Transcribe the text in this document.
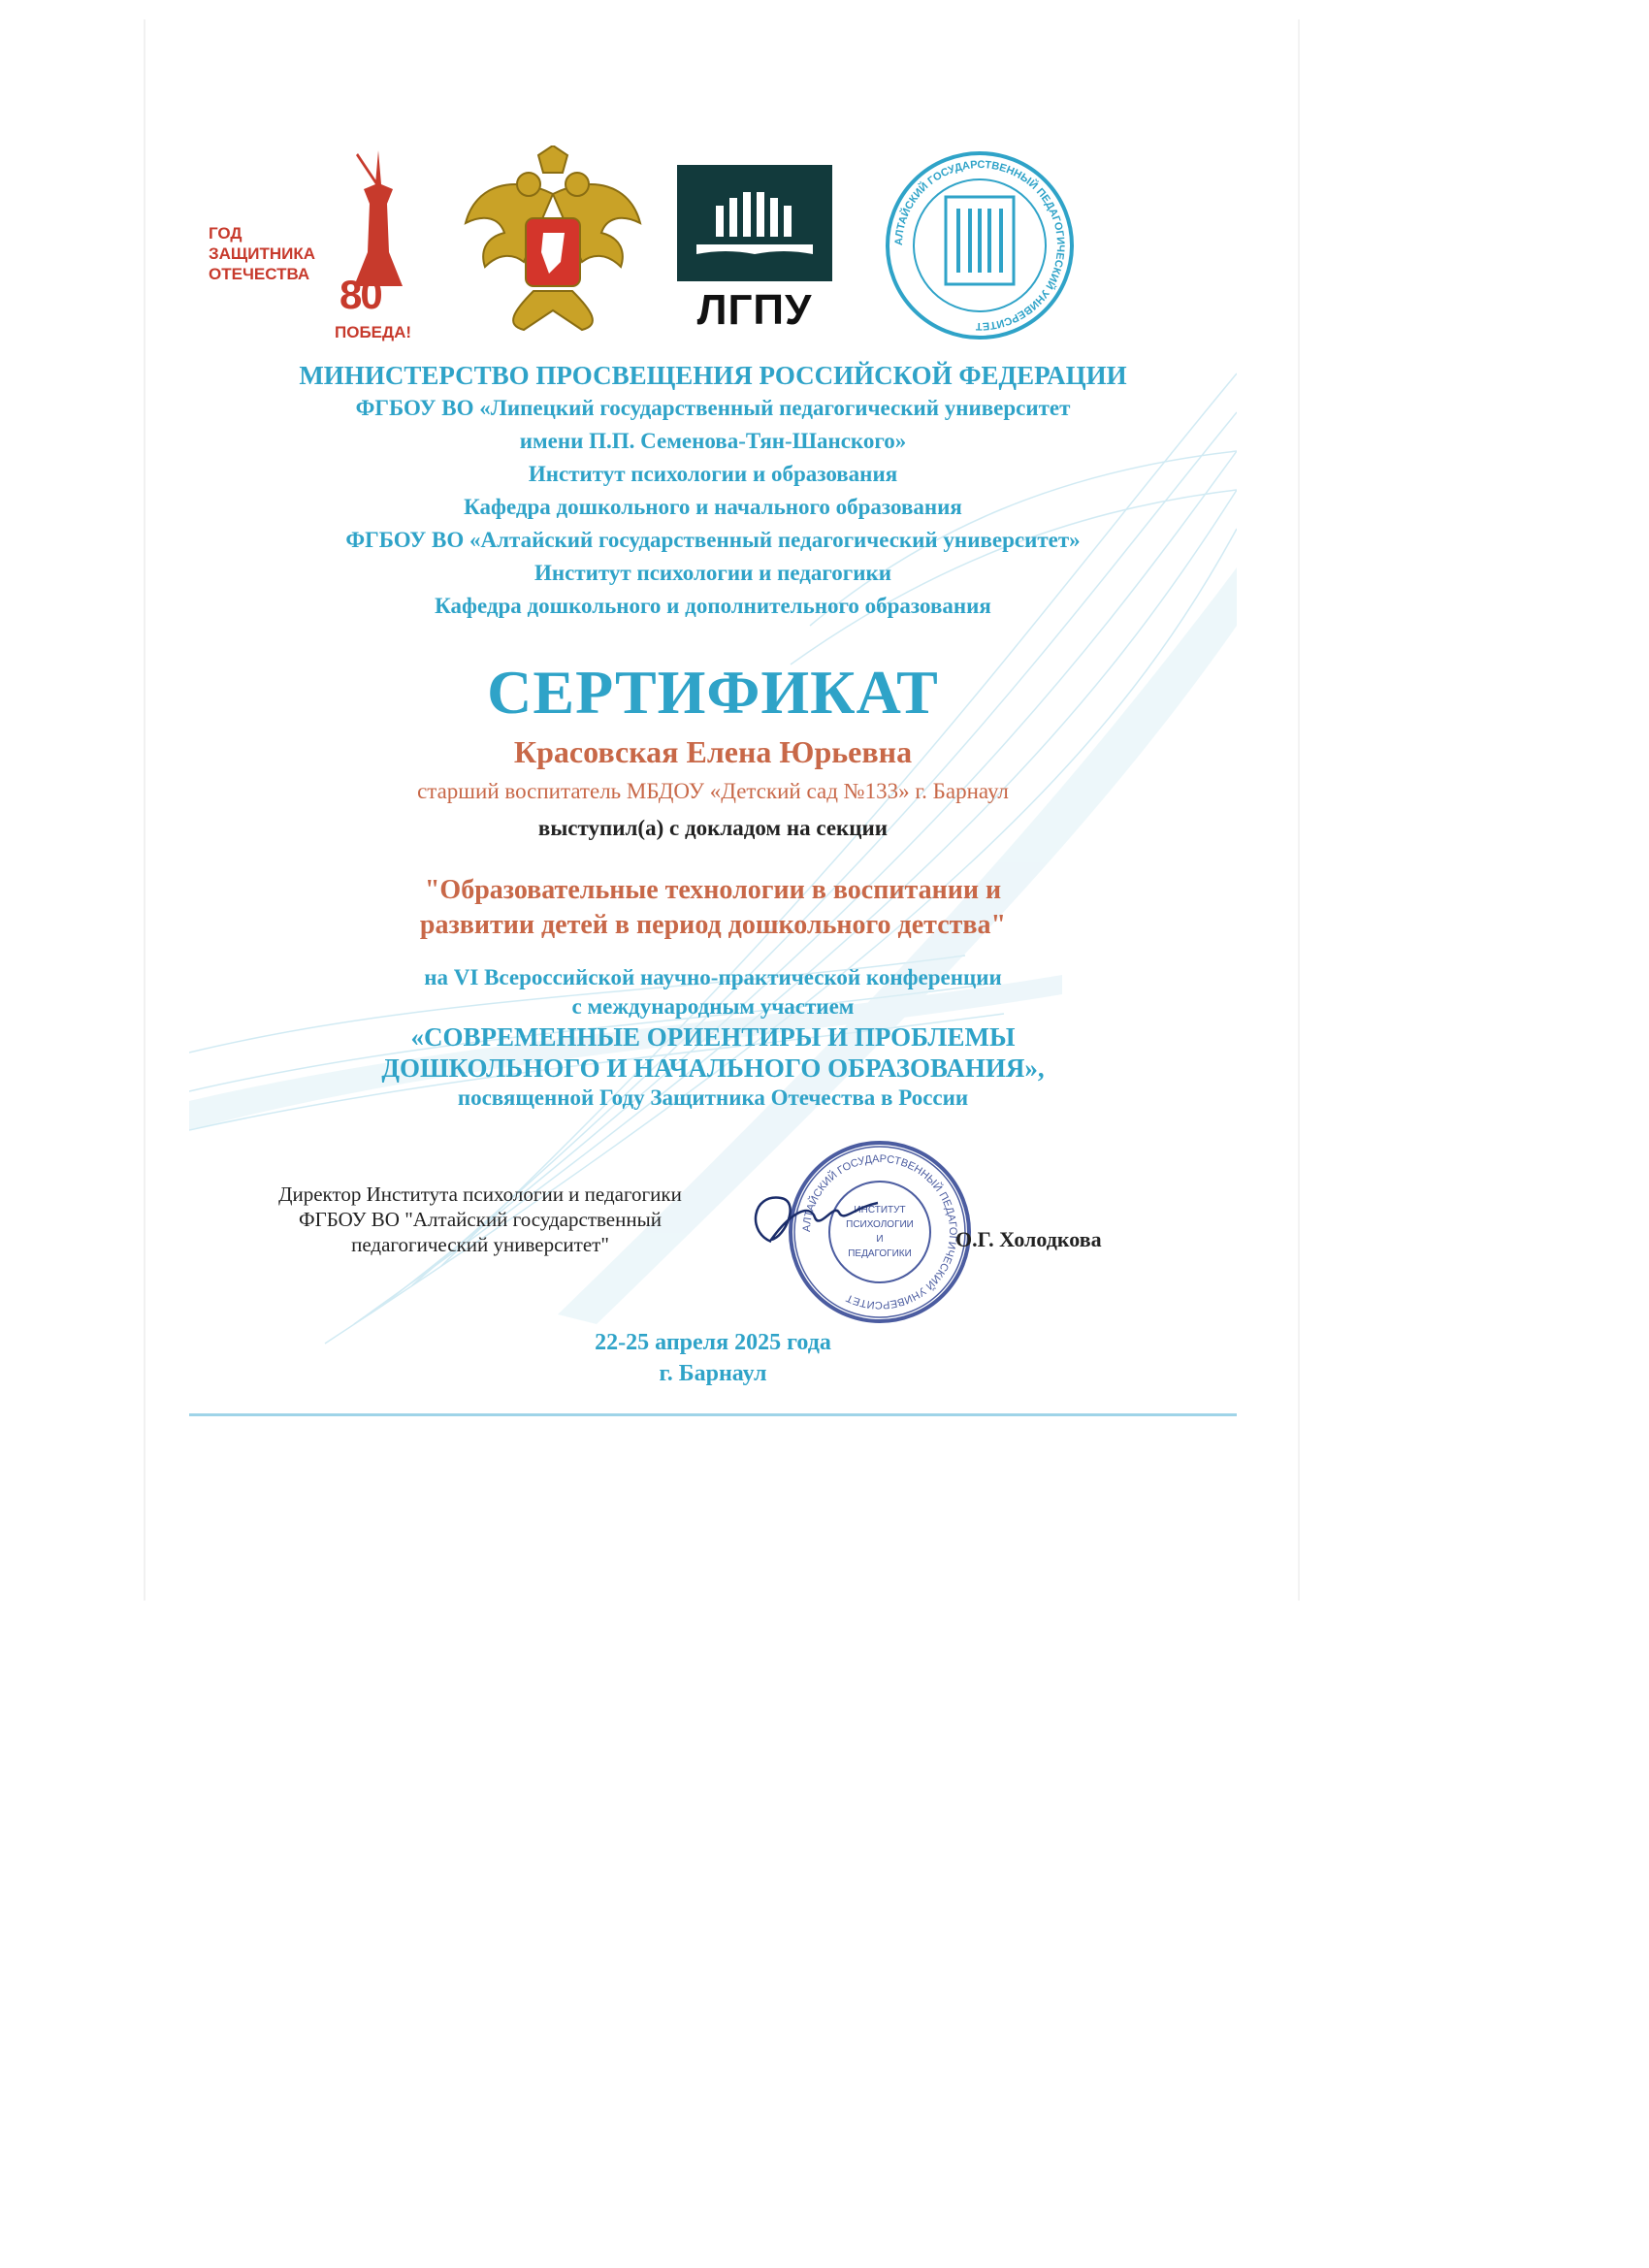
ГОД
ЗАЩИТНИКА
ОТЕЧЕСТВА 80
ПОБЕДА!	ЛГПУ
АЛТАЙСКИЙ ГОСУДАРСТВЕННЫЙ ПЕДАГОГИЧЕСКИЙ УНИВЕРСИТЕТ
МИНИСТЕРСТВО ПРОСВЕЩЕНИЯ РОССИЙСКОЙ ФЕДЕРАЦИИ
ФГБОУ ВО «Липецкий государственный педагогический университет
имени П.П. Семенова-Тян-Шанского»
Институт психологии и образования
Кафедра дошкольного и начального образования
ФГБОУ ВО «Алтайский государственный педагогический университет»
Институт психологии и педагогики
Кафедра дошкольного и дополнительного образования
СЕРТИФИКАТ
Красовская Елена Юрьевна
старший воспитатель МБДОУ «Детский сад №133» г. Барнаул
выступил(а) с докладом на секции
"Образовательные технологии в воспитании и
развитии детей в период дошкольного детства"
на VI Всероссийской научно-практической конференции
с международным участием
«СОВРЕМЕННЫЕ ОРИЕНТИРЫ И ПРОБЛЕМЫ
ДОШКОЛЬНОГО И НАЧАЛЬНОГО ОБРАЗОВАНИЯ»,
посвященной Году Защитника Отечества в России
Директор Института психологии и педагогики
ФГБОУ ВО "Алтайский государственный
педагогический университет"
АЛТАЙСКИЙ ГОСУДАРСТВЕННЫЙ ПЕДАГОГИЧЕСКИЙ УНИВЕРСИТЕТ
ИНСТИТУТ
ПСИХОЛОГИИ
И
ПЕДАГОГИКИ
О.Г. Холодкова
22-25 апреля 2025 года
г. Барнаул
